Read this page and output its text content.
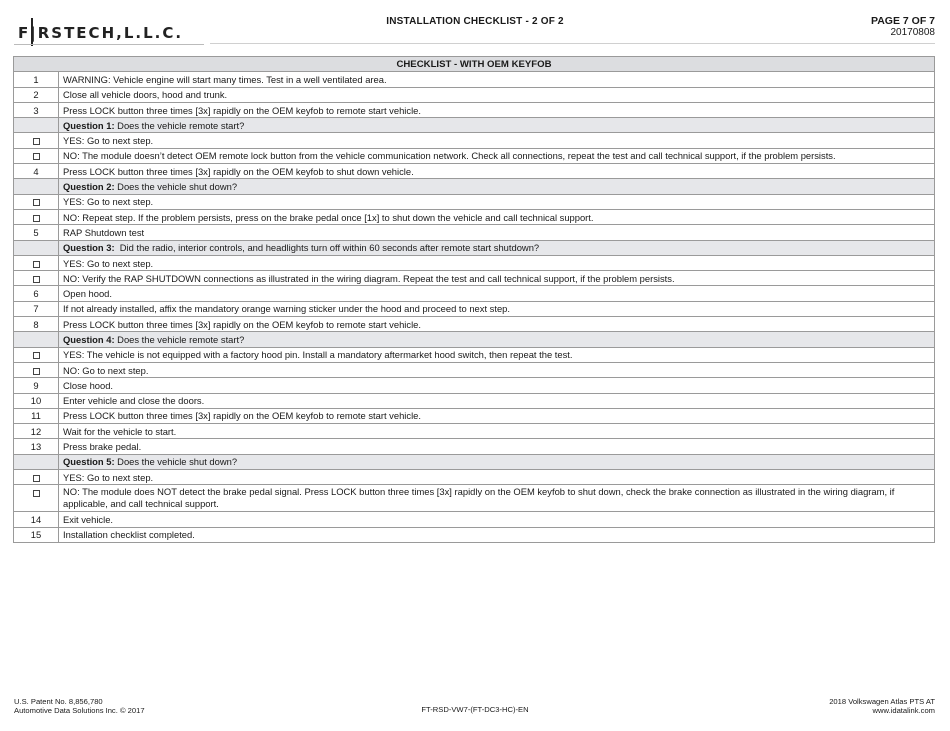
F|RSTECH,L.L.C.
INSTALLATION CHECKLIST - 2 OF 2	PAGE 7 OF 7
20170808
CHECKLIST - WITH OEM KEYFOB	
1	WARNING: Vehicle engine will start many times. Test in a well ventilated area.
2	Close all vehicle doors, hood and trunk.
3	Press LOCK button three times [3x] rapidly on the OEM keyfob to remote start vehicle.
	Question 1: Does the vehicle remote start?
	YES: Go to next step.
	NO: The module doesn’t detect OEM remote lock button from the vehicle communication network. Check all connections, repeat the test and call technical support, if the problem persists.
4	Press LOCK button three times [3x] rapidly on the OEM keyfob to shut down vehicle.
	Question 2: Does the vehicle shut down?
	YES: Go to next step.
	NO: Repeat step. If the problem persists, press on the brake pedal once [1x] to shut down the vehicle and call technical support.
5	RAP Shutdown test
	Question 3:  Did the radio, interior controls, and headlights turn off within 60 seconds after remote start shutdown?
	YES: Go to next step.
	NO: Verify the RAP SHUTDOWN connections as illustrated in the wiring diagram. Repeat the test and call technical support, if the problem persists.
6	Open hood.
7	If not already installed, affix the mandatory orange warning sticker under the hood and proceed to next step.
8	Press LOCK button three times [3x] rapidly on the OEM keyfob to remote start vehicle.
	Question 4: Does the vehicle remote start?
	YES: The vehicle is not equipped with a factory hood pin. Install a mandatory aftermarket hood switch, then repeat the test.
	NO: Go to next step.
9	Close hood.
10	Enter vehicle and close the doors.
11	Press LOCK button three times [3x] rapidly on the OEM keyfob to remote start vehicle.
12	Wait for the vehicle to start.
13	Press brake pedal.
	Question 5: Does the vehicle shut down?
	YES: Go to next step.
	NO: The module does NOT detect the brake pedal signal. Press LOCK button three times [3x] rapidly on the OEM keyfob to shut down, check the brake connection as illustrated in the wiring diagram, if applicable, and call technical support.
14	Exit vehicle.
15	Installation checklist completed.
U.S. Patent No. 8,856,780
Automotive Data Solutions Inc. © 2017	FT-RSD-VW7-(FT-DC3-HC)-EN
2018 Volkswagen Atlas PTS AT
www.idatalink.com
